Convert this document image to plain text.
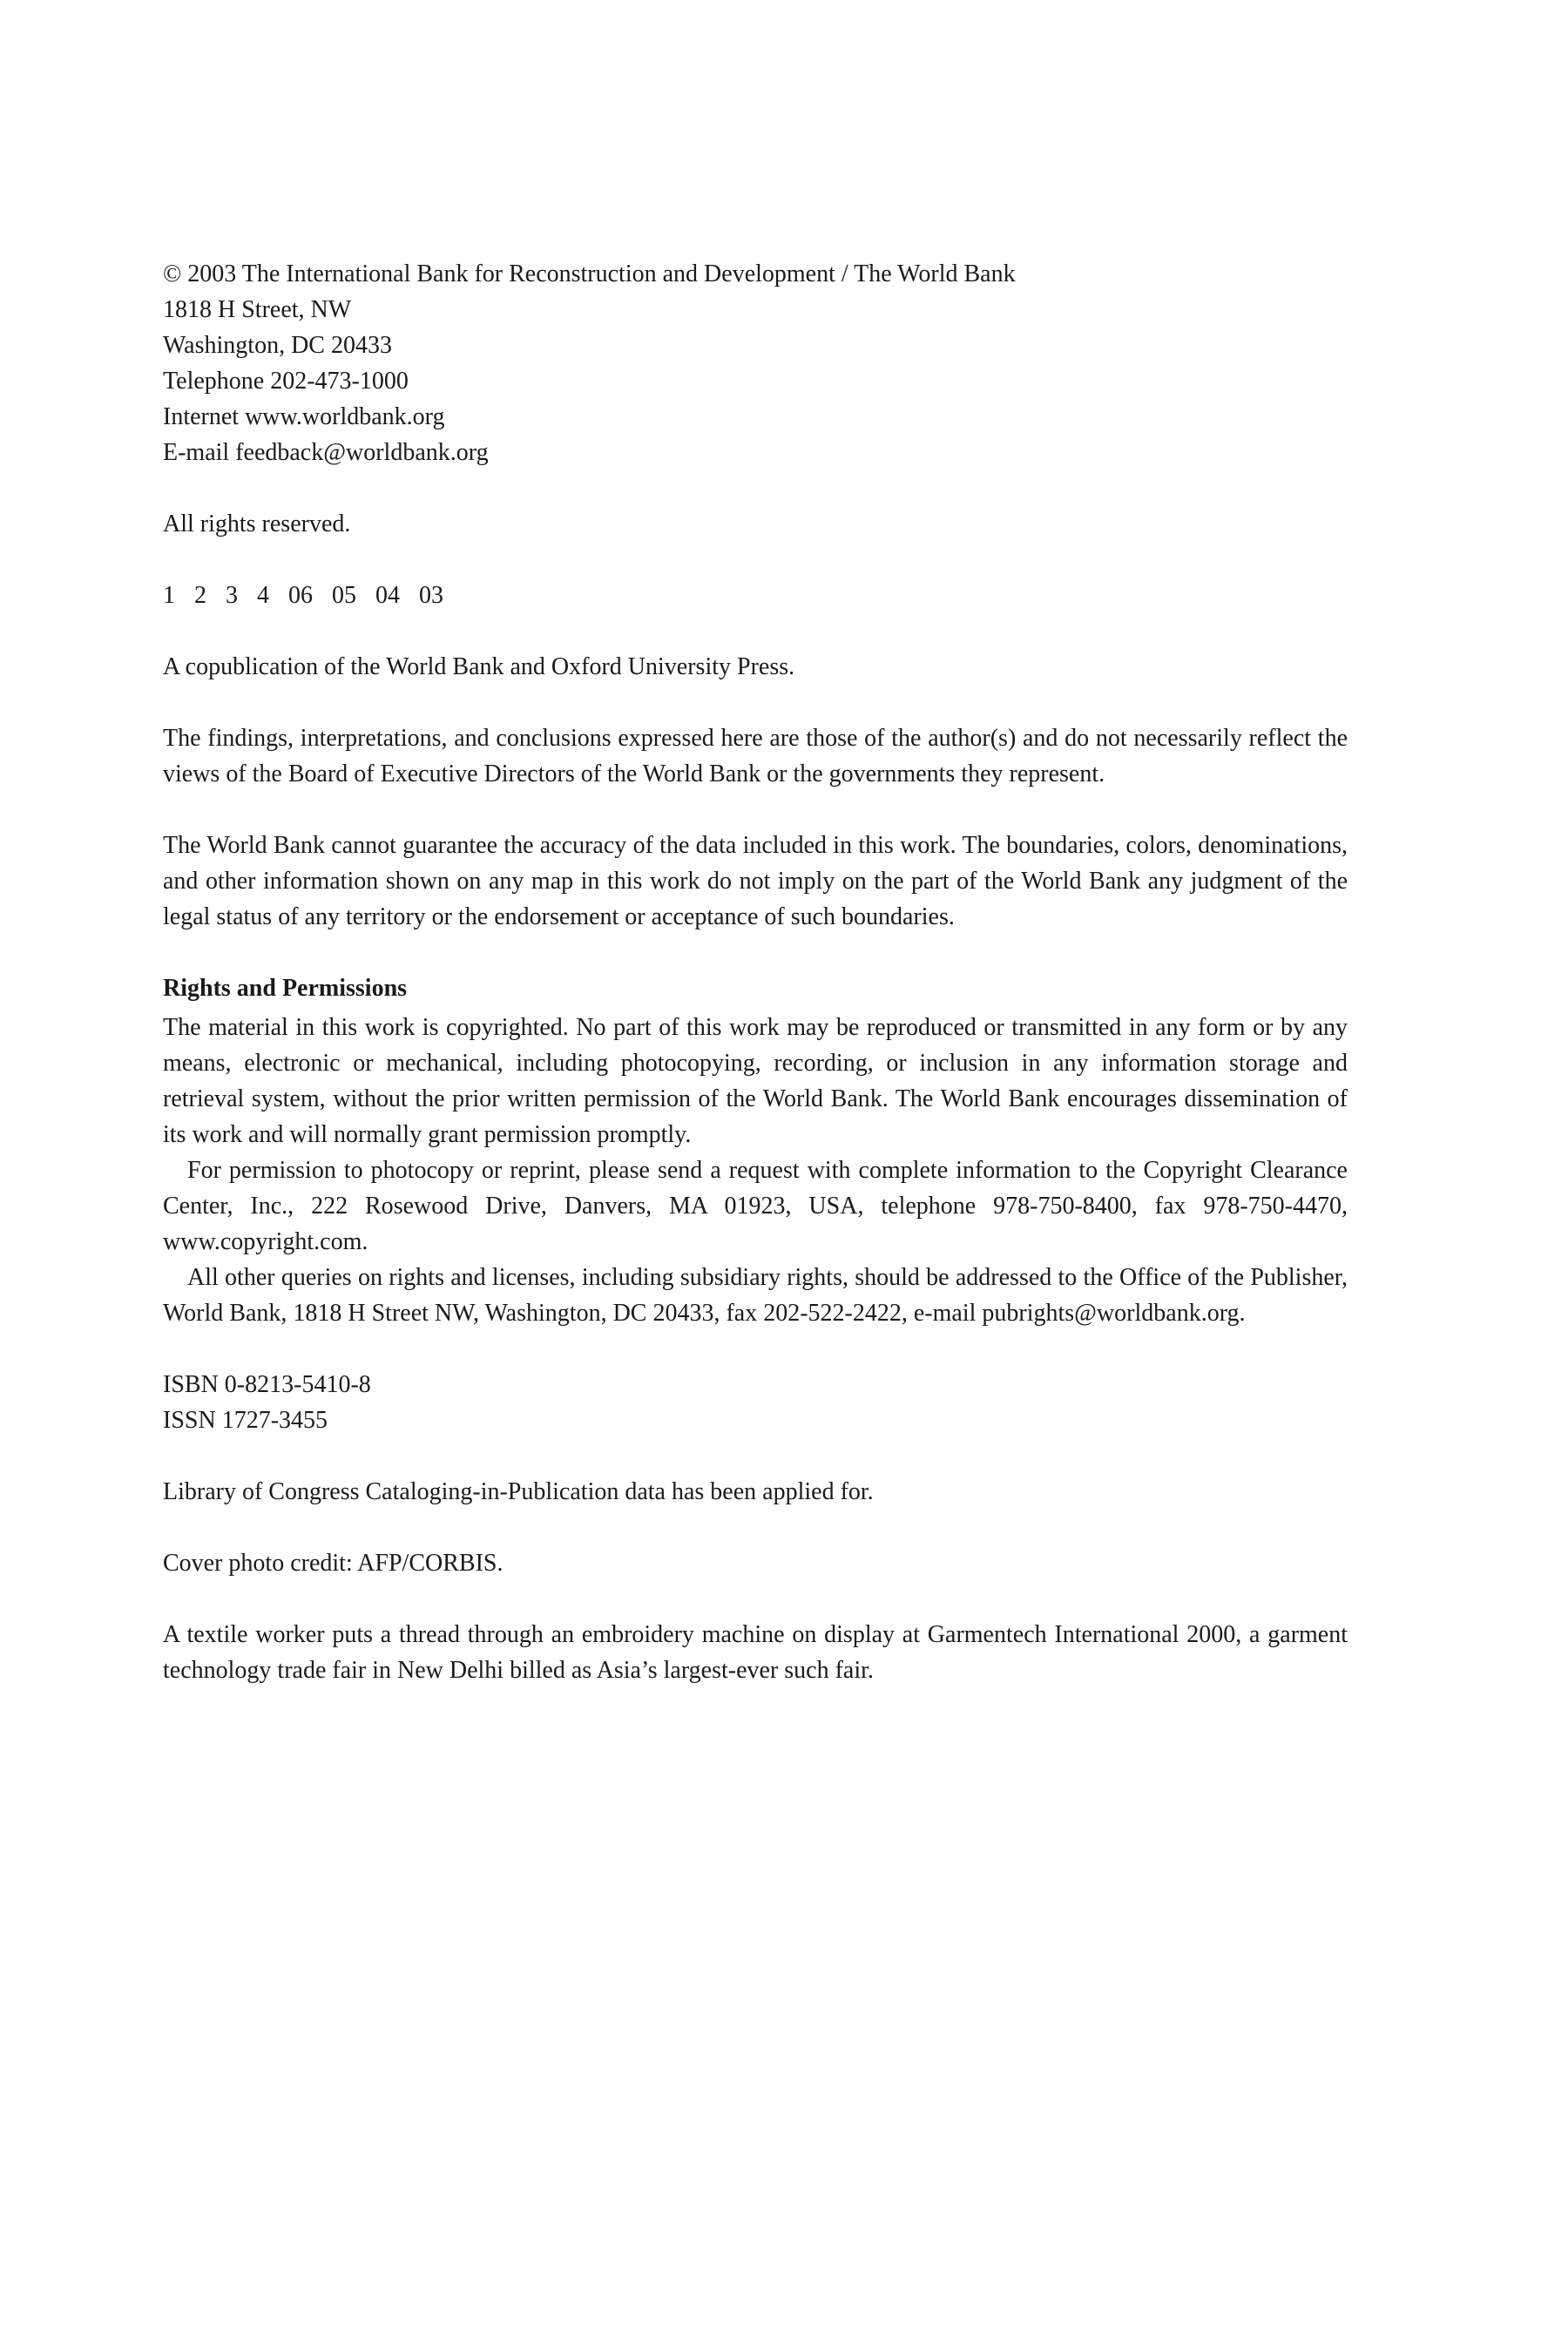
© 2003 The International Bank for Reconstruction and Development / The World Bank
1818 H Street, NW
Washington, DC 20433
Telephone 202-473-1000
Internet www.worldbank.org
E-mail feedback@worldbank.org

All rights reserved.

1 2 3 4 06 05 04 03

A copublication of the World Bank and Oxford University Press.

The findings, interpretations, and conclusions expressed here are those of the author(s) and do not necessarily reflect the views of the Board of Executive Directors of the World Bank or the governments they represent.

The World Bank cannot guarantee the accuracy of the data included in this work. The boundaries, colors, denominations, and other information shown on any map in this work do not imply on the part of the World Bank any judgment of the legal status of any territory or the endorsement or acceptance of such boundaries.

Rights and Permissions

The material in this work is copyrighted. No part of this work may be reproduced or transmitted in any form or by any means, electronic or mechanical, including photocopying, recording, or inclusion in any information storage and retrieval system, without the prior written permission of the World Bank. The World Bank encourages dissemination of its work and will normally grant permission promptly.

For permission to photocopy or reprint, please send a request with complete information to the Copyright Clearance Center, Inc., 222 Rosewood Drive, Danvers, MA 01923, USA, telephone 978-750-8400, fax 978-750-4470, www.copyright.com.

All other queries on rights and licenses, including subsidiary rights, should be addressed to the Office of the Publisher, World Bank, 1818 H Street NW, Washington, DC 20433, fax 202-522-2422, e-mail pubrights@worldbank.org.

ISBN 0-8213-5410-8
ISSN 1727-3455

Library of Congress Cataloging-in-Publication data has been applied for.

Cover photo credit: AFP/CORBIS.

A textile worker puts a thread through an embroidery machine on display at Garmentech International 2000, a garment technology trade fair in New Delhi billed as Asia’s largest-ever such fair.
